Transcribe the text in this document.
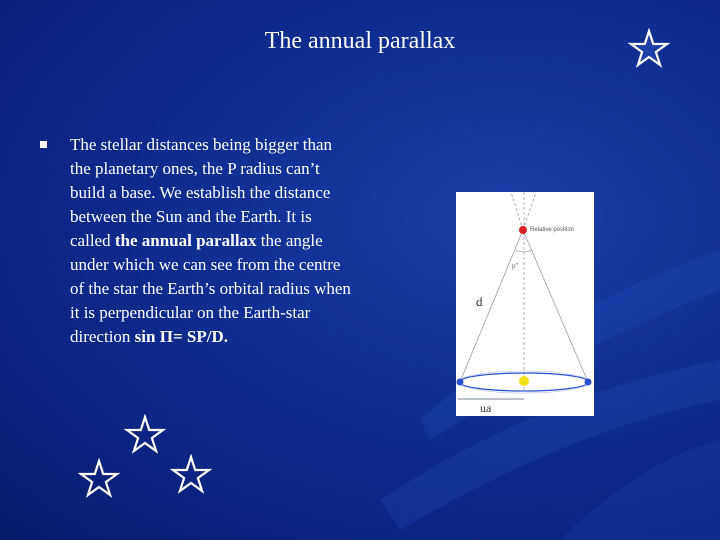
The annual parallax
The stellar distances being bigger than the planetary ones, the P radius can’t build a base. We establish the distance between the Sun and the Earth. It is called the annual parallax the angle under which we can see from the centre of the star the Earth’s orbital radius when it is perpendicular on the Earth-star direction sin Π= SP/D.
Relative position
p"
d
ua
